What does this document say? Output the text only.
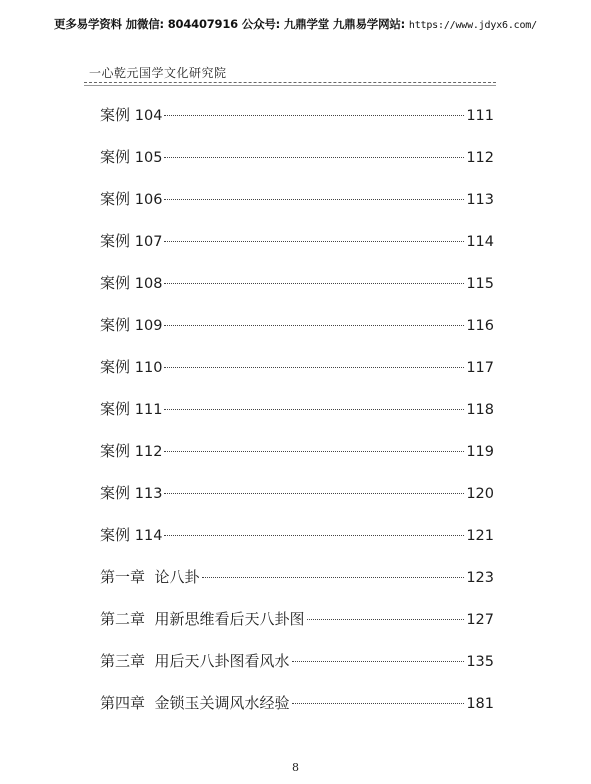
更多易学资料 加微信: 804407916 公众号: 九鼎学堂 九鼎易学网站: https://www.jdyx6.com/
一心乾元国学文化研究院
案例 104	111
案例 105	112
案例 106	113
案例 107	114
案例 108	115
案例 109	116
案例 110	117
案例 111	118
案例 112	119
案例 113	120
案例 114	121
第一章  论八卦	123
第二章  用新思维看后天八卦图	127
第三章  用后天八卦图看风水	135
第四章  金锁玉关调风水经验	181
8
